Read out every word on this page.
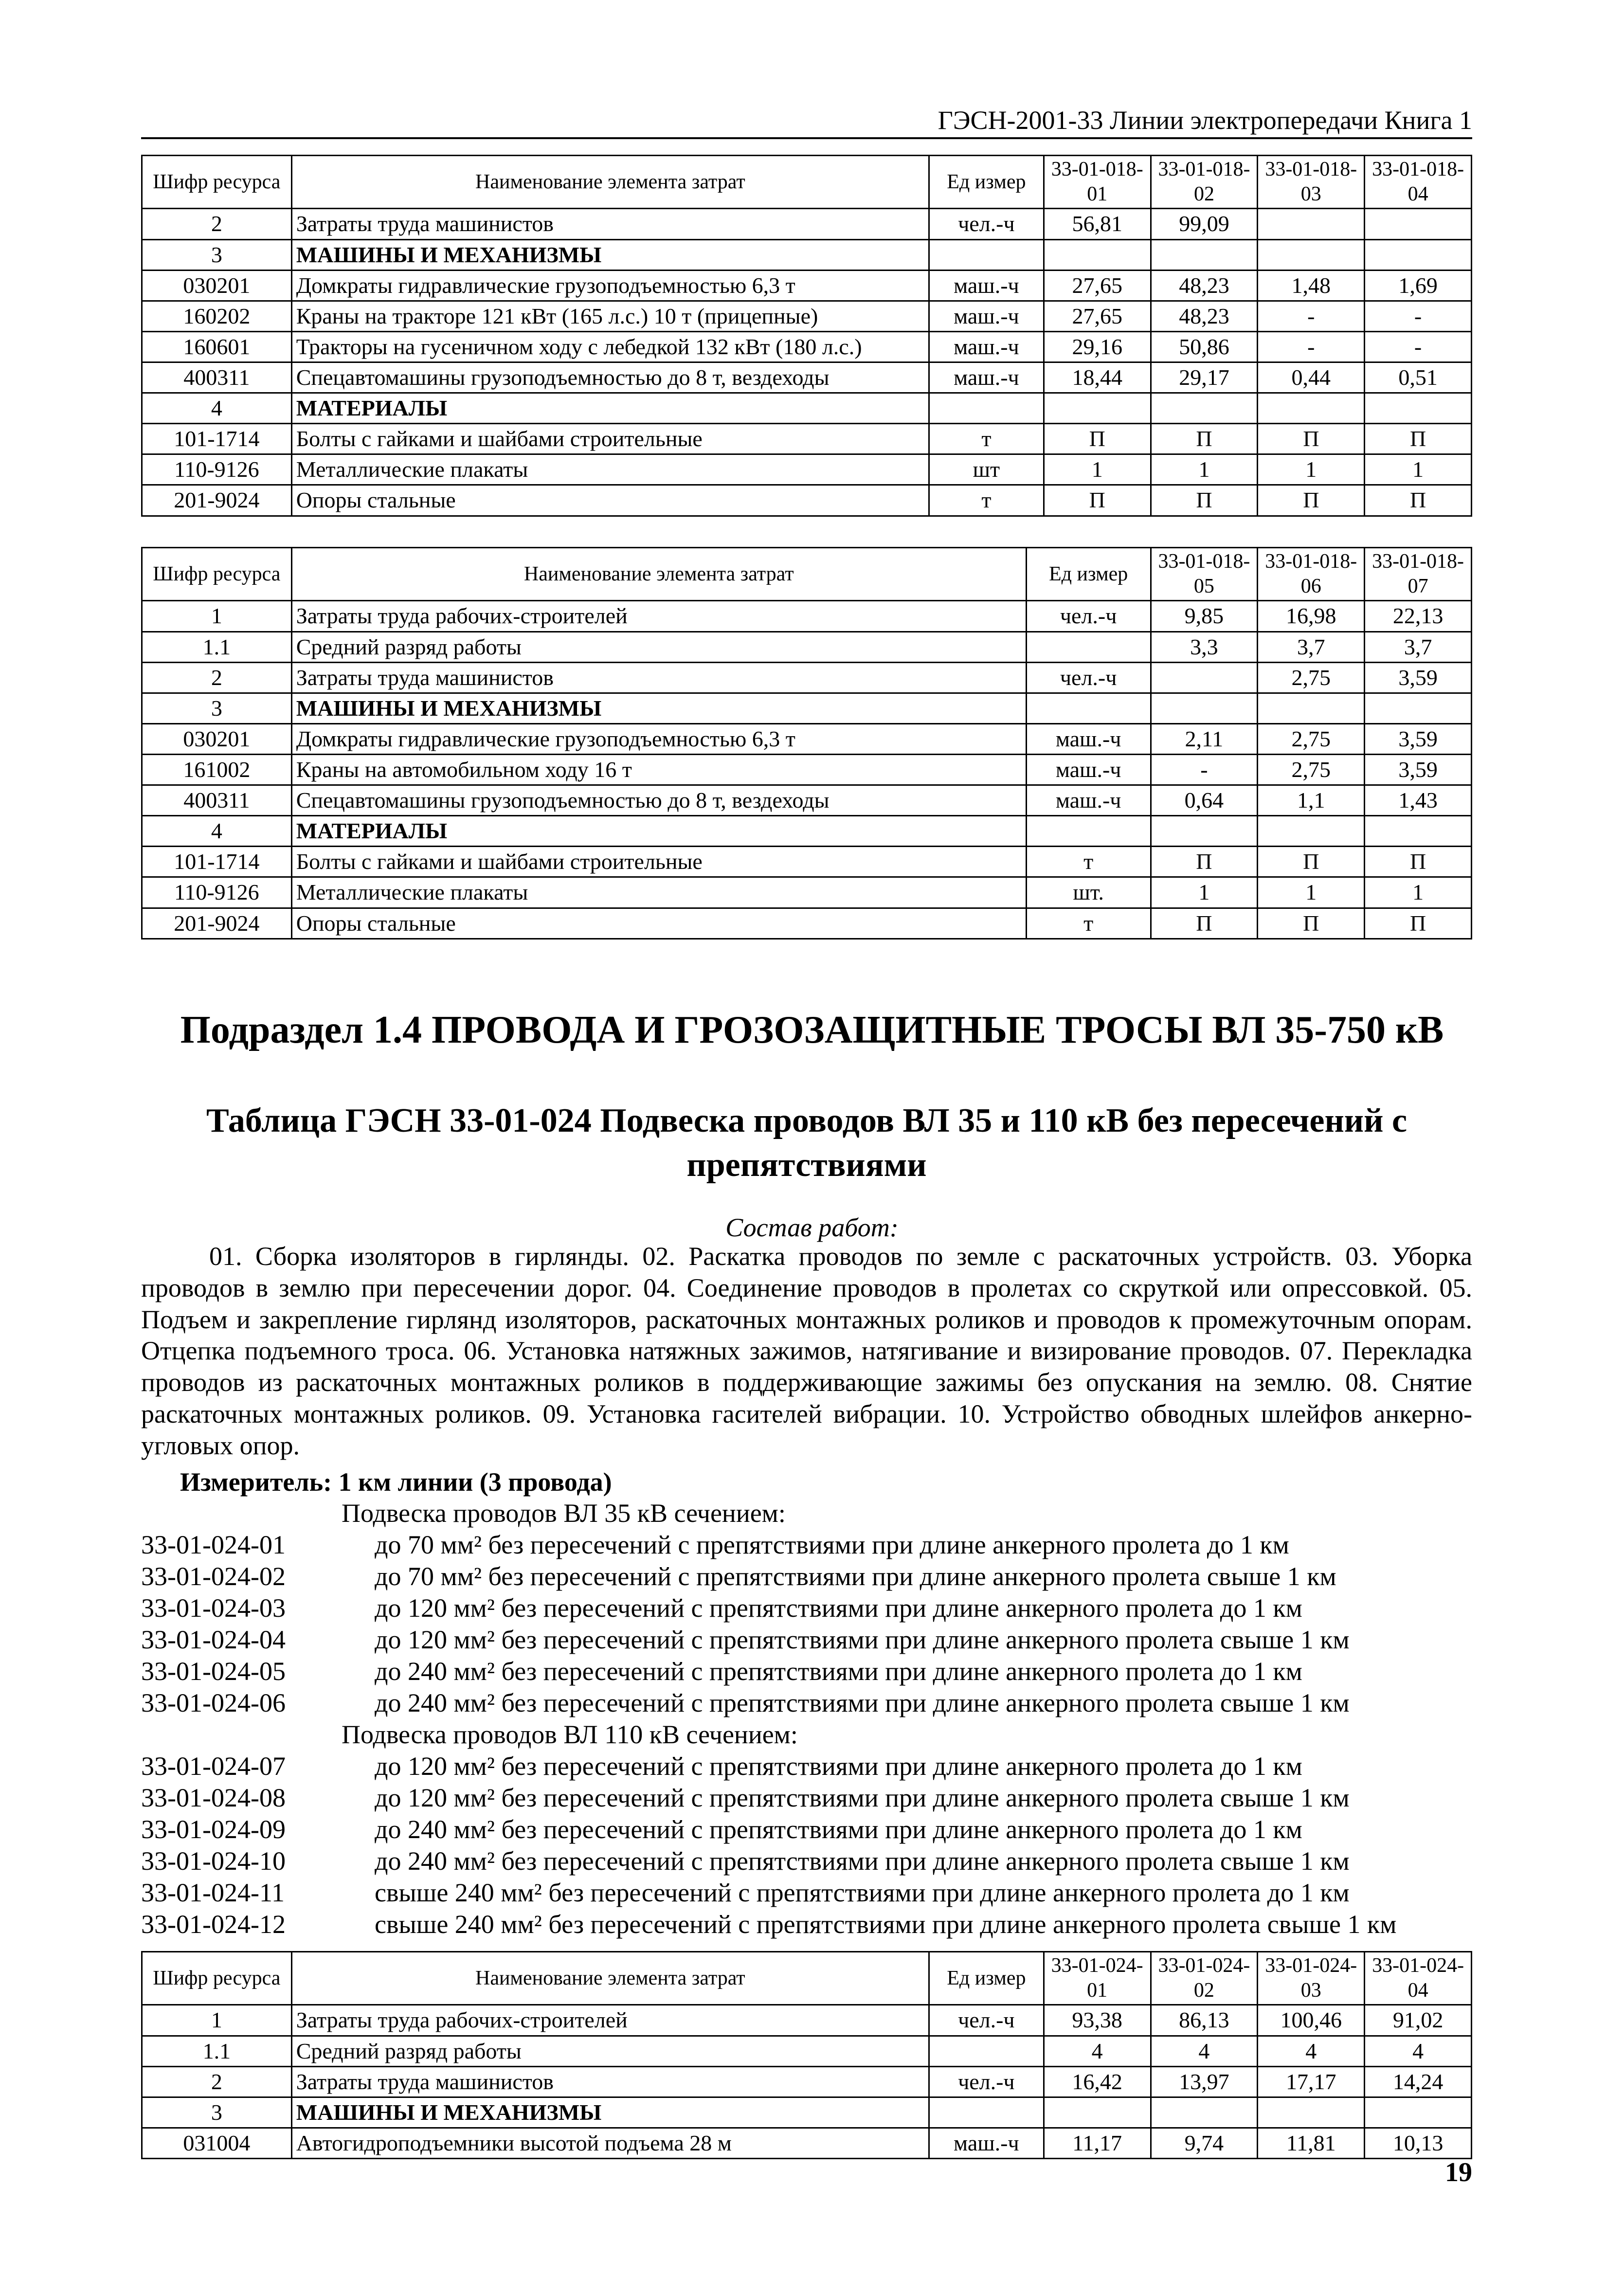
ГЭСН-2001-33 Линии электропередачи Книга 1
Шифр ресурса	Наименование элемента затрат	Ед измер	33-01-018-01	33-01-018-02	33-01-018-03	33-01-018-04
2	Затраты труда машинистов	чел.-ч	56,81	99,09		
3	МАШИНЫ И МЕХАНИЗМЫ					
030201	Домкраты гидравлические грузоподъемностью 6,3 т	маш.-ч	27,65	48,23	1,48	1,69
160202	Краны на тракторе 121 кВт (165 л.с.) 10 т (прицепные)	маш.-ч	27,65	48,23	-	-
160601	Тракторы на гусеничном ходу с лебедкой 132 кВт (180 л.с.)	маш.-ч	29,16	50,86	-	-
400311	Спецавтомашины грузоподъемностью до 8 т, вездеходы	маш.-ч	18,44	29,17	0,44	0,51
4	МАТЕРИАЛЫ					
101-1714	Болты с гайками и шайбами строительные	т	П	П	П	П
110-9126	Металлические плакаты	шт	1	1	1	1
201-9024	Опоры стальные	т	П	П	П	П
Шифр ресурса	Наименование элемента затрат	Ед измер	33-01-018-05	33-01-018-06	33-01-018-07
1	Затраты труда рабочих-строителей	чел.-ч	9,85	16,98	22,13
1.1	Средний разряд работы		3,3	3,7	3,7
2	Затраты труда машинистов	чел.-ч		2,75	3,59
3	МАШИНЫ И МЕХАНИЗМЫ				
030201	Домкраты гидравлические грузоподъемностью 6,3 т	маш.-ч	2,11	2,75	3,59
161002	Краны на автомобильном ходу 16 т	маш.-ч	-	2,75	3,59
400311	Спецавтомашины грузоподъемностью до 8 т, вездеходы	маш.-ч	0,64	1,1	1,43
4	МАТЕРИАЛЫ				
101-1714	Болты с гайками и шайбами строительные	т	П	П	П
110-9126	Металлические плакаты	шт.	1	1	1
201-9024	Опоры стальные	т	П	П	П
Подраздел 1.4 ПРОВОДА И ГРОЗОЗАЩИТНЫЕ ТРОСЫ ВЛ 35-750 кВ
Таблица ГЭСН 33-01-024 Подвеска проводов ВЛ 35 и 110 кВ без пересечений с препятствиями
Состав работ:
01. Сборка изоляторов в гирлянды. 02. Раскатка проводов по земле с раскаточных устройств. 03. Уборка проводов в землю при пересечении дорог. 04. Соединение проводов в пролетах со скруткой или опрессовкой. 05. Подъем и закрепление гирлянд изоляторов, раскаточных монтажных роликов и проводов к промежуточным опорам. Отцепка подъемного троса. 06. Установка натяжных зажимов, натягивание и визирование проводов. 07. Перекладка проводов из раскаточных монтажных роликов в поддерживающие зажимы без опускания на землю. 08. Снятие раскаточных монтажных роликов. 09. Установка гасителей вибрации. 10. Устройство обводных шлейфов анкерно-угловых опор.
Измеритель: 1 км линии (3 провода)
Подвеска проводов ВЛ 35 кВ сечением:
33-01-024-01	до 70 мм² без пересечений с препятствиями при длине анкерного пролета до 1 км
33-01-024-02	до 70 мм² без пересечений с препятствиями при длине анкерного пролета свыше 1 км
33-01-024-03	до 120 мм² без пересечений с препятствиями при длине анкерного пролета до 1 км
33-01-024-04	до 120 мм² без пересечений с препятствиями при длине анкерного пролета свыше 1 км
33-01-024-05	до 240 мм² без пересечений с препятствиями при длине анкерного пролета до 1 км
33-01-024-06	до 240 мм² без пересечений с препятствиями при длине анкерного пролета свыше 1 км
Подвеска проводов ВЛ 110 кВ сечением:
33-01-024-07	до 120 мм² без пересечений с препятствиями при длине анкерного пролета до 1 км
33-01-024-08	до 120 мм² без пересечений с препятствиями при длине анкерного пролета свыше 1 км
33-01-024-09	до 240 мм² без пересечений с препятствиями при длине анкерного пролета до 1 км
33-01-024-10	до 240 мм² без пересечений с препятствиями при длине анкерного пролета свыше 1 км
33-01-024-11	свыше 240 мм² без пересечений с препятствиями при длине анкерного пролета до 1 км
33-01-024-12	свыше 240 мм² без пересечений с препятствиями при длине анкерного пролета свыше 1 км
Шифр ресурса	Наименование элемента затрат	Ед измер	33-01-024-01	33-01-024-02	33-01-024-03	33-01-024-04
1	Затраты труда рабочих-строителей	чел.-ч	93,38	86,13	100,46	91,02
1.1	Средний разряд работы		4	4	4	4
2	Затраты труда машинистов	чел.-ч	16,42	13,97	17,17	14,24
3	МАШИНЫ И МЕХАНИЗМЫ					
031004	Автогидроподъемники высотой подъема 28 м	маш.-ч	11,17	9,74	11,81	10,13
19
